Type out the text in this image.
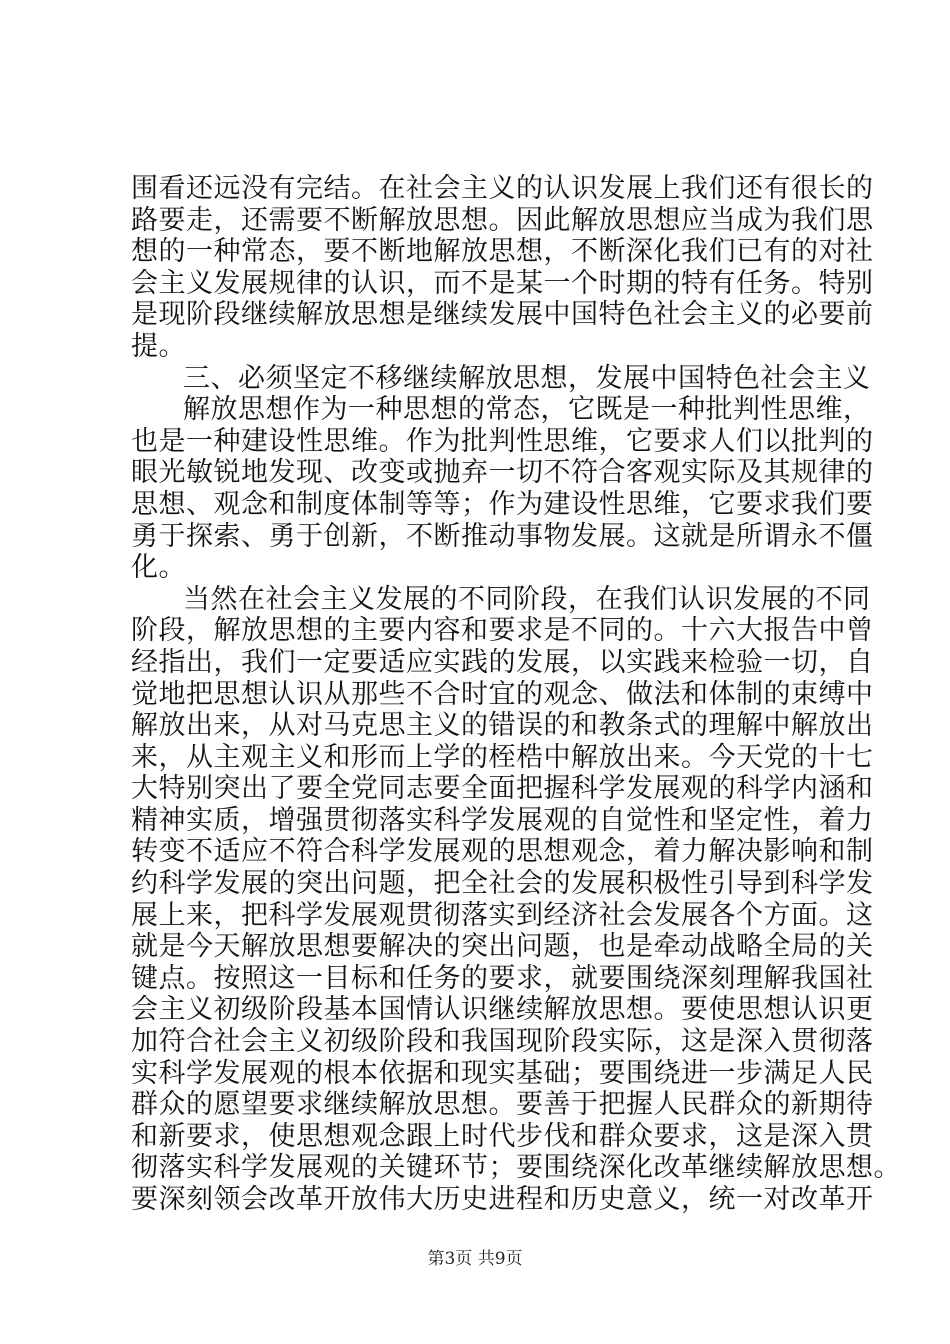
围看还远没有完结。在社会主义的认识发展上我们还有很长的
路要走，还需要不断解放思想。因此解放思想应当成为我们思
想的一种常态，要不断地解放思想，不断深化我们已有的对社
会主义发展规律的认识，而不是某一个时期的特有任务。特别
是现阶段继续解放思想是继续发展中国特色社会主义的必要前
提。
三、必须坚定不移继续解放思想，发展中国特色社会主义
解放思想作为一种思想的常态，它既是一种批判性思维，
也是一种建设性思维。作为批判性思维，它要求人们以批判的
眼光敏锐地发现、改变或抛弃一切不符合客观实际及其规律的
思想、观念和制度体制等等；作为建设性思维，它要求我们要
勇于探索、勇于创新，不断推动事物发展。这就是所谓永不僵
化。
当然在社会主义发展的不同阶段，在我们认识发展的不同
阶段，解放思想的主要内容和要求是不同的。十六大报告中曾
经指出，我们一定要适应实践的发展，以实践来检验一切，自
觉地把思想认识从那些不合时宜的观念、做法和体制的束缚中
解放出来，从对马克思主义的错误的和教条式的理解中解放出
来，从主观主义和形而上学的桎梏中解放出来。今天党的十七
大特别突出了要全党同志要全面把握科学发展观的科学内涵和
精神实质，增强贯彻落实科学发展观的自觉性和坚定性，着力
转变不适应不符合科学发展观的思想观念，着力解决影响和制
约科学发展的突出问题，把全社会的发展积极性引导到科学发
展上来，把科学发展观贯彻落实到经济社会发展各个方面。这
就是今天解放思想要解决的突出问题，也是牵动战略全局的关
键点。按照这一目标和任务的要求，就要围绕深刻理解我国社
会主义初级阶段基本国情认识继续解放思想。要使思想认识更
加符合社会主义初级阶段和我国现阶段实际，这是深入贯彻落
实科学发展观的根本依据和现实基础；要围绕进一步满足人民
群众的愿望要求继续解放思想。要善于把握人民群众的新期待
和新要求，使思想观念跟上时代步伐和群众要求，这是深入贯
彻落实科学发展观的关键环节；要围绕深化改革继续解放思想。
要深刻领会改革开放伟大历史进程和历史意义，统一对改革开
第3页 共9页
